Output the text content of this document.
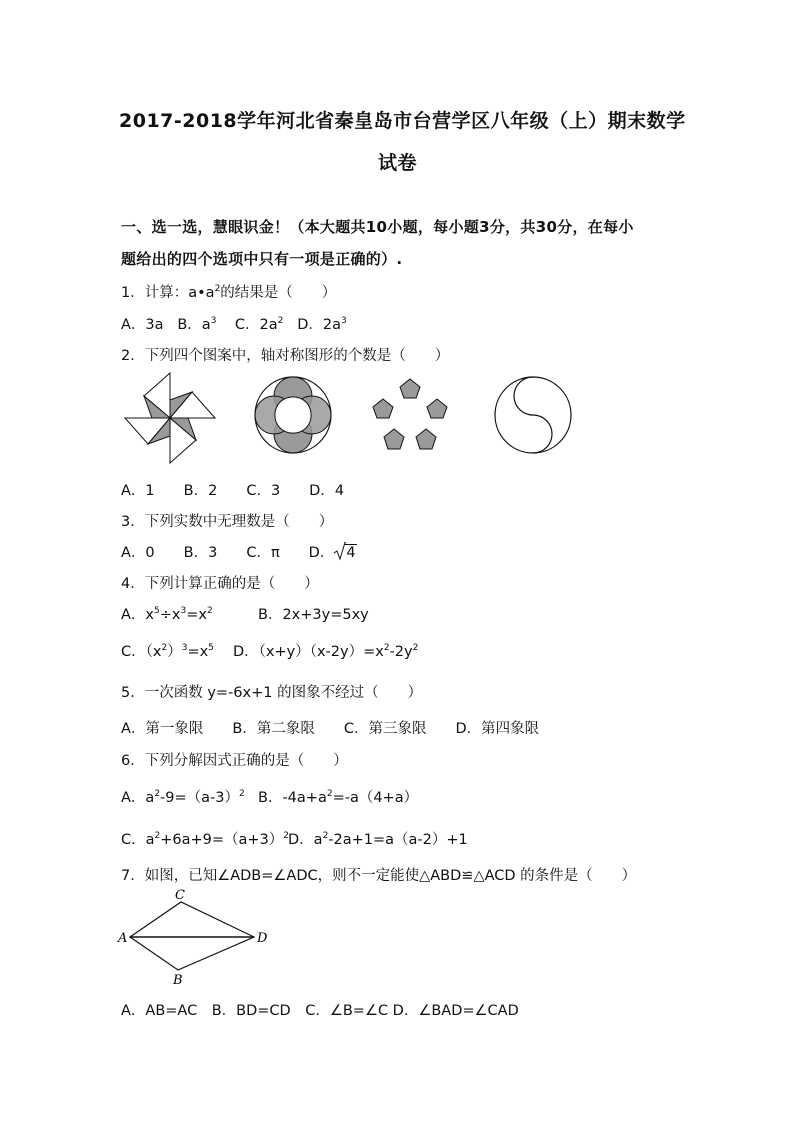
2017-2018学年河北省秦皇岛市台营学区八年级（上）期末数学
试卷
一、选一选，慧眼识金！（本大题共10小题，每小题3分，共30分，在每小
题给出的四个选项中只有一项是正确的）.
1．计算：$a•a^2$的结果是（　　）
A．3a B．$a^3$ C．$2a^2$ D．$2a^3$
2．下列四个图案中，轴对称图形的个数是（　　）
A．1　　B．2　　C．3　　D．4
3．下列实数中无理数是（　　）
A．0　　B．3　　C．π　　D． 4
4．下列计算正确的是（　　）
A．$x^5\div x^3=x^2$	B．2x+3y=5xy
C．$(x^2)^3=x^5$ D．$(x+y)(x-2y)=x^2-2y^2$
5．一次函数 y=-6x+1 的图象不经过（　　）
A．第一象限　　B．第二象限　　C．第三象限　　D．第四象限
6．下列分解因式正确的是（　　）
A．$a^2-9=(a-3)^2$ B．$-4a+a^2=-a(4+a)$
C．$a^2+6a+9=(a+3)^2$
D．$a^2-2a+1=a(a-2)+1$
7．如图，已知∠ADB=∠ADC，则不一定能使△ABD≌△ACD 的条件是（　　）
C
A	D
B
A．AB=AC　B．BD=CD　C．∠B=∠C D．∠BAD=∠CAD
